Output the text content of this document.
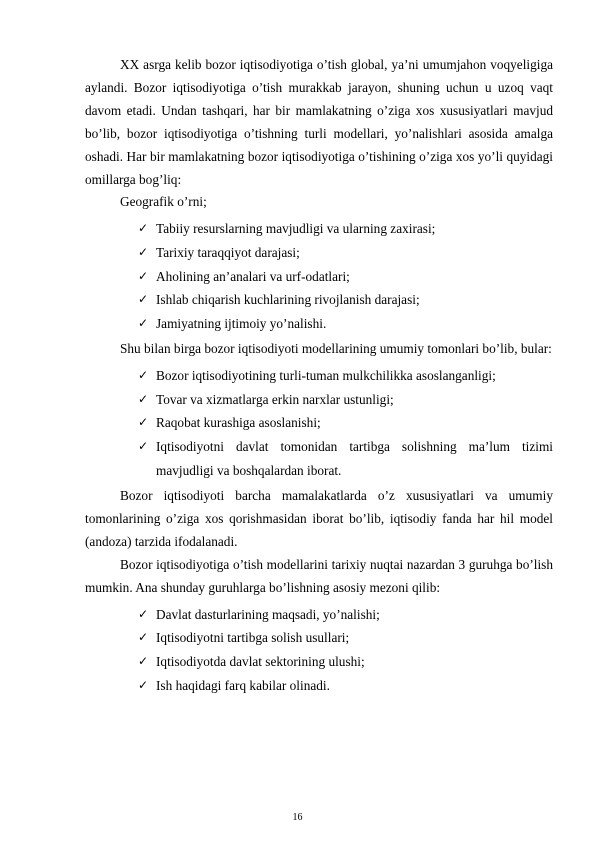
XX asrga kelib bozor iqtisodiyotiga o’tish global, ya’ni umumjahon voqyeligiga aylandi. Bozor iqtisodiyotiga o’tish murakkab jarayon, shuning uchun u uzoq vaqt davom etadi. Undan tashqari, har bir mamlakatning o’ziga xos xususiyatlari mavjud bo’lib, bozor iqtisodiyotiga o’tishning turli modellari, yo’nalishlari asosida amalga oshadi. Har bir mamlakatning bozor iqtisodiyotiga o’tishining o’ziga xos yo’li quyidagi omillarga bog’liq:

Geografik o’rni;

✓ Tabiiy resurslarning mavjudligi va ularning zaxirasi;
✓ Tarixiy taraqqiyot darajasi;
✓ Aholining an’analari va urf-odatlari;
✓ Ishlab chiqarish kuchlarining rivojlanish darajasi;
✓ Jamiyatning ijtimoiy yo’nalishi.

Shu bilan birga bozor iqtisodiyoti modellarining umumiy tomonlari bo’lib, bular:

✓ Bozor iqtisodiyotining turli-tuman mulkchilikka asoslanganligi;
✓ Tovar va xizmatlarga erkin narxlar ustunligi;
✓ Raqobat kurashiga asoslanishi;
✓ Iqtisodiyotni davlat tomonidan tartibga solishning ma’lum tizimi mavjudligi va boshqalardan iborat.

Bozor iqtisodiyoti barcha mamalakatlarda o’z xususiyatlari va umumiy tomonlarining o’ziga xos qorishmasidan iborat bo’lib, iqtisodiy fanda har hil model (andoza) tarzida ifodalanadi.

Bozor iqtisodiyotiga o’tish modellarini tarixiy nuqtai nazardan 3 guruhga bo’lish mumkin. Ana shunday guruhlarga bo’lishning asosiy mezoni qilib:

✓ Davlat dasturlarining maqsadi, yo’nalishi;
✓ Iqtisodiyotni tartibga solish usullari;
✓ Iqtisodiyotda davlat sektorining ulushi;
✓ Ish haqidagi farq kabilar olinadi.
16
